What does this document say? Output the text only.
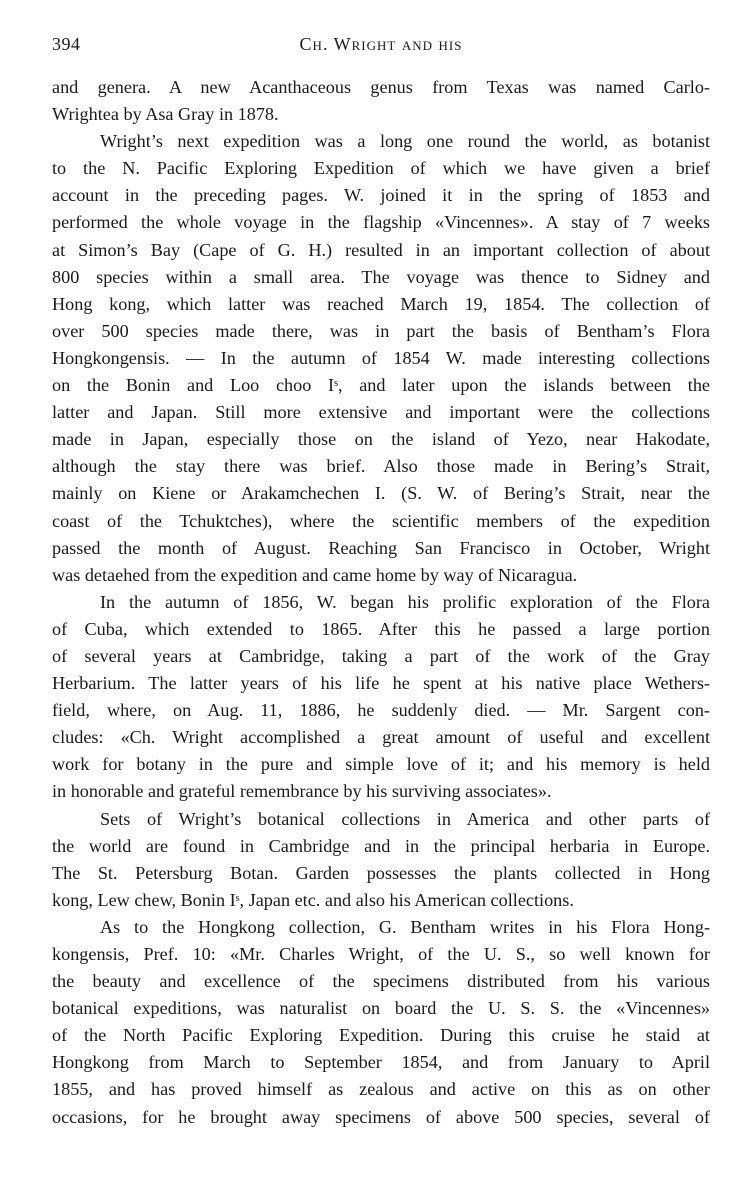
394	Ch. Wright and his
and genera. A new Acanthaceous genus from Texas was named Carlo-
Wrightea by Asa Gray in 1878.
Wright’s next expedition was a long one round the world, as botanist
to the N. Pacific Exploring Expedition of which we have given a brief
account in the preceding pages. W. joined it in the spring of 1853 and
performed the whole voyage in the flagship «Vincennes». A stay of 7 weeks
at Simon’s Bay (Cape of G. H.) resulted in an important collection of about
800 species within a small area. The voyage was thence to Sidney and
Hong kong, which latter was reached March 19, 1854. The collection of
over 500 species made there, was in part the basis of Bentham’s Flora
Hongkongensis. — In the autumn of 1854 W. made interesting collections
on the Bonin and Loo choo Iˢ, and later upon the islands between the
latter and Japan. Still more extensive and important were the collections
made in Japan, especially those on the island of Yezo, near Hakodate,
although the stay there was brief. Also those made in Bering’s Strait,
mainly on Kiene or Arakamchechen I. (S. W. of Bering’s Strait, near the
coast of the Tchuktches), where the scientific members of the expedition
passed the month of August. Reaching San Francisco in October, Wright
was detaehed from the expedition and came home by way of Nicaragua.
In the autumn of 1856, W. began his prolific exploration of the Flora
of Cuba, which extended to 1865. After this he passed a large portion
of several years at Cambridge, taking a part of the work of the Gray
Herbarium. The latter years of his life he spent at his native place Wethers-
field, where, on Aug. 11, 1886, he suddenly died. — Mr. Sargent con-
cludes: «Ch. Wright accomplished a great amount of useful and excellent
work for botany in the pure and simple love of it; and his memory is held
in honorable and grateful remembrance by his surviving associates».
Sets of Wright’s botanical collections in America and other parts of
the world are found in Cambridge and in the principal herbaria in Europe.
The St. Petersburg Botan. Garden possesses the plants collected in Hong
kong, Lew chew, Bonin Iˢ, Japan etc. and also his American collections.
As to the Hongkong collection, G. Bentham writes in his Flora Hong-
kongensis, Pref. 10: «Mr. Charles Wright, of the U. S., so well known for
the beauty and excellence of the specimens distributed from his various
botanical expeditions, was naturalist on board the U. S. S. the «Vincennes»
of the North Pacific Exploring Expedition. During this cruise he staid at
Hongkong from March to September 1854, and from January to April
1855, and has proved himself as zealous and active on this as on other
occasions, for he brought away specimens of above 500 species, several of
